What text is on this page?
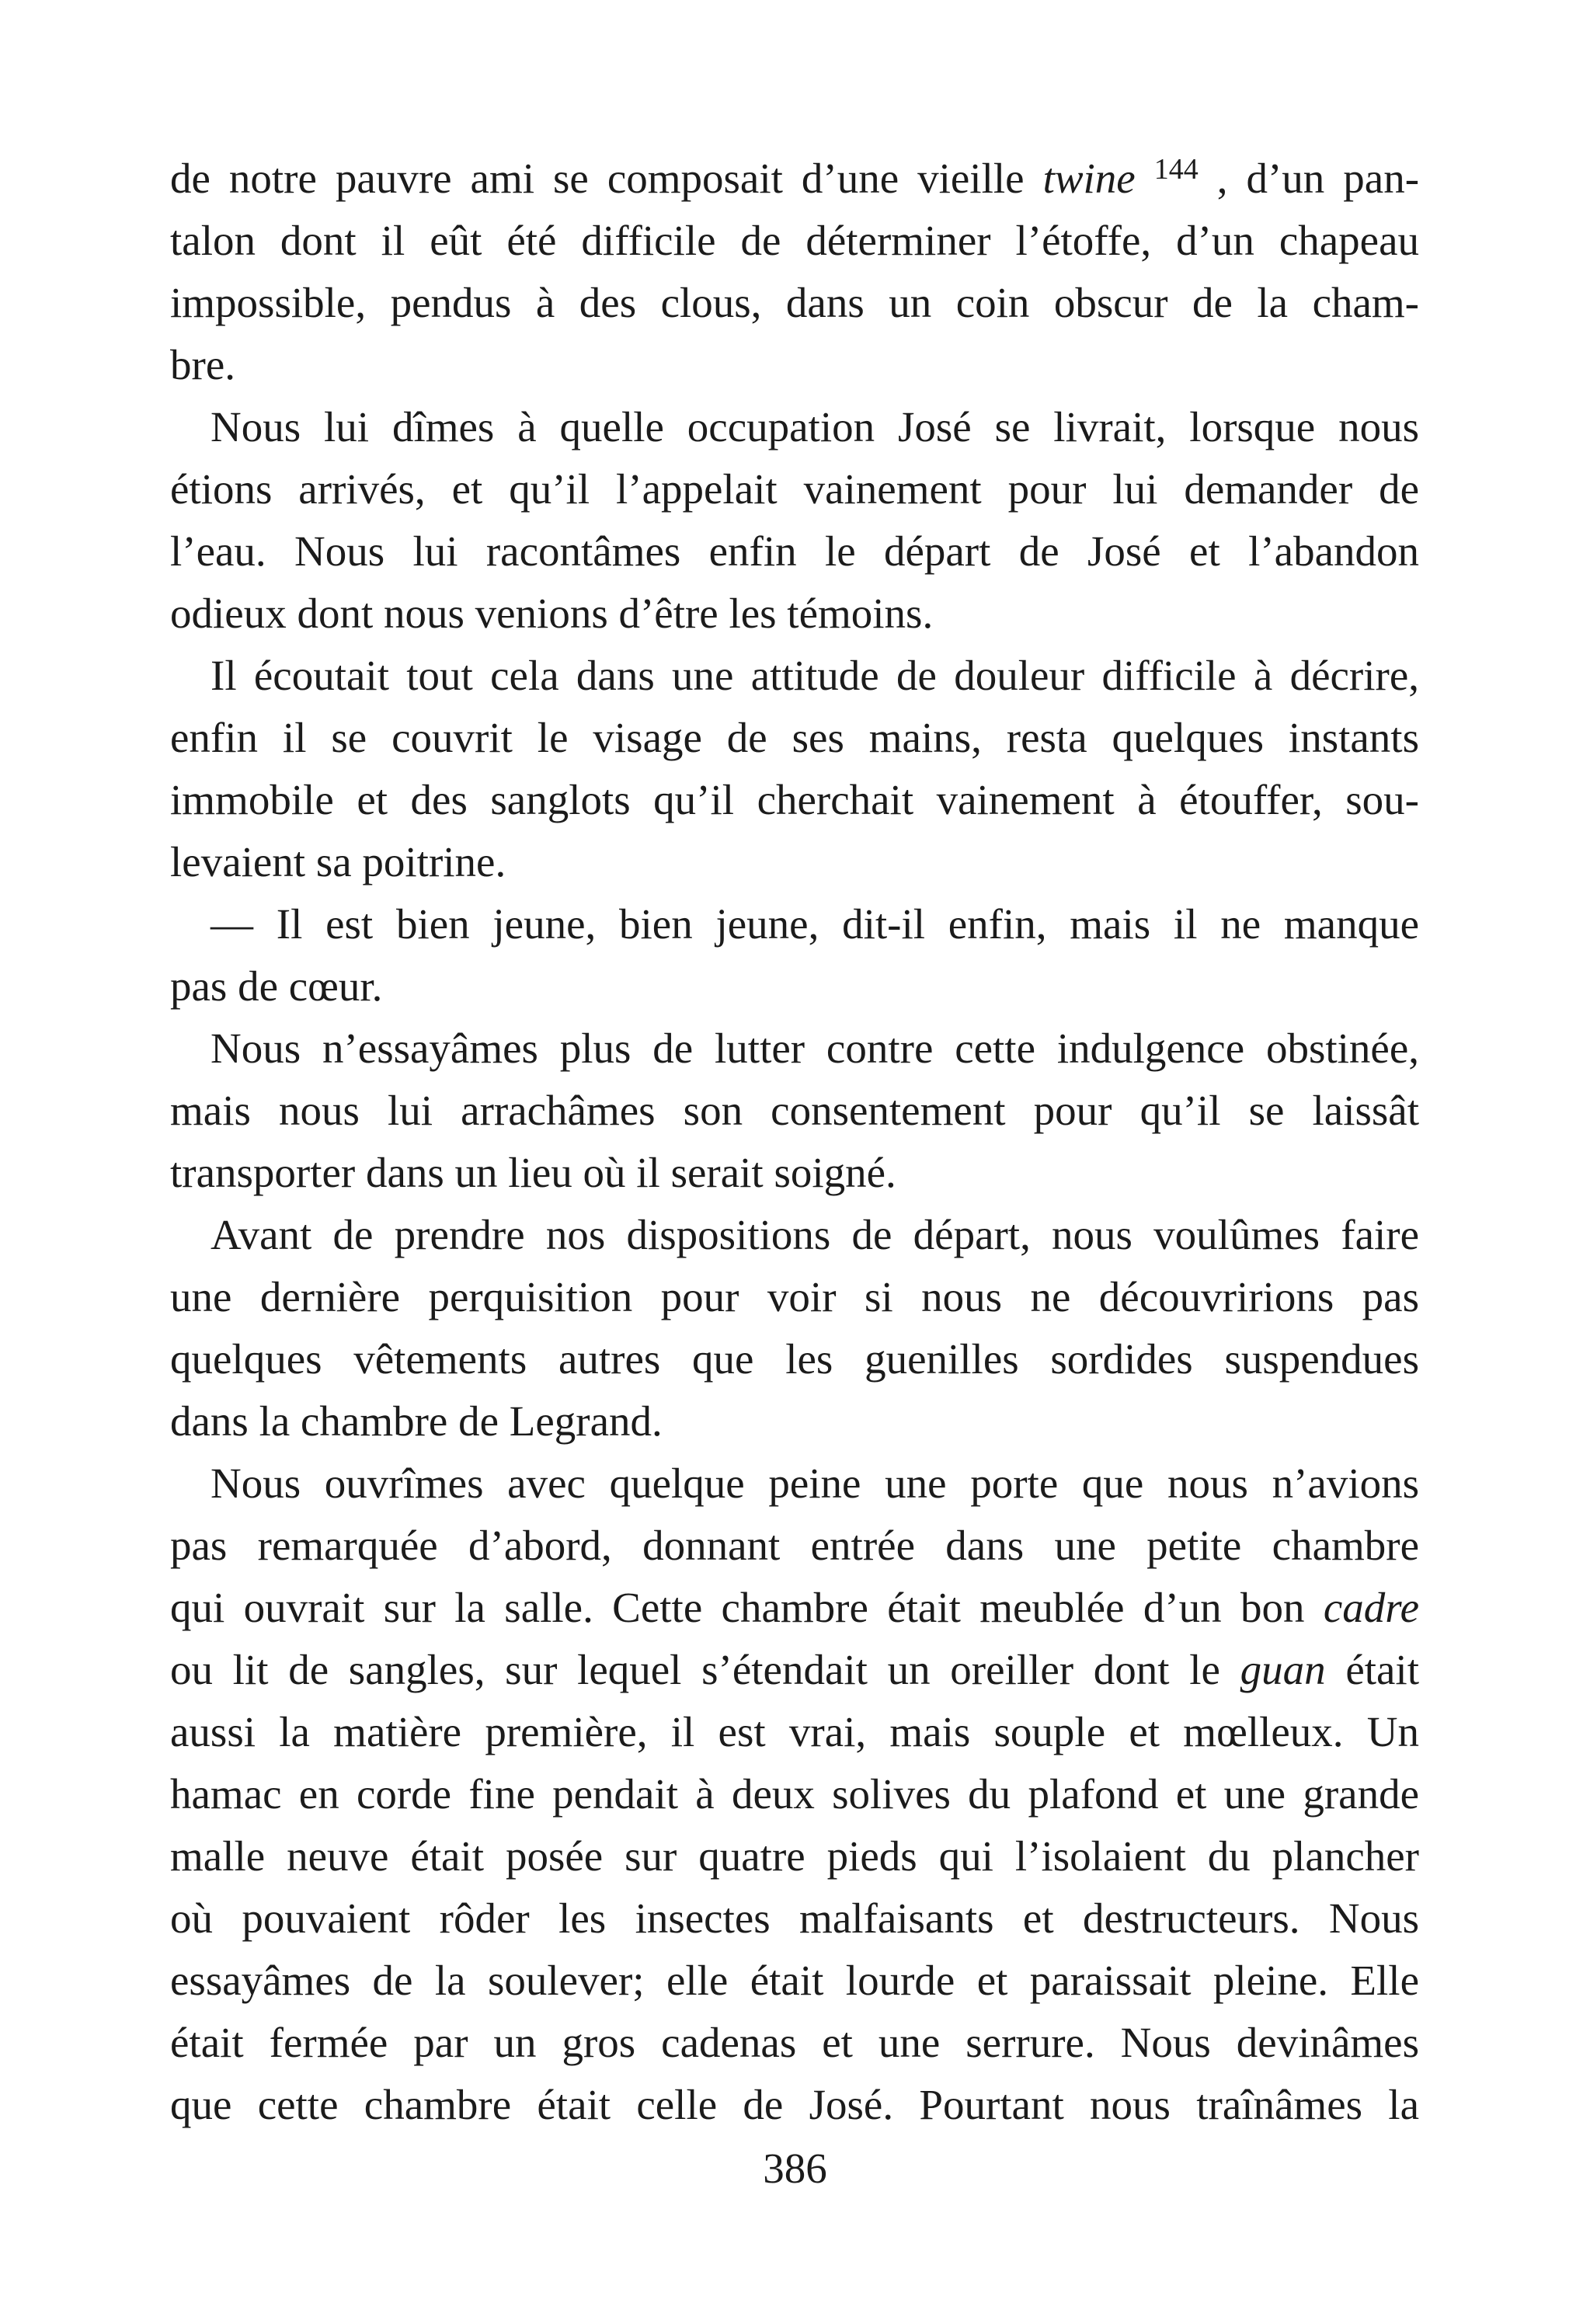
de notre pauvre ami se composait d’une vieille twine $^{144}$ , d’un pan-
talon dont il eût été difficile de déterminer l’étoffe, d’un chapeau
impossible, pendus à des clous, dans un coin obscur de la cham-
bre.
Nous lui dîmes à quelle occupation José se livrait, lorsque nous
étions arrivés, et qu’il l’appelait vainement pour lui demander de
l’eau. Nous lui racontâmes enfin le départ de José et l’abandon
odieux dont nous venions d’être les témoins.
Il écoutait tout cela dans une attitude de douleur difficile à décrire,
enfin il se couvrit le visage de ses mains, resta quelques instants
immobile et des sanglots qu’il cherchait vainement à étouffer, sou-
levaient sa poitrine.
— Il est bien jeune, bien jeune, dit-il enfin, mais il ne manque
pas de cœur.
Nous n’essayâmes plus de lutter contre cette indulgence obstinée,
mais nous lui arrachâmes son consentement pour qu’il se laissât
transporter dans un lieu où il serait soigné.
Avant de prendre nos dispositions de départ, nous voulûmes faire
une dernière perquisition pour voir si nous ne découvririons pas
quelques vêtements autres que les guenilles sordides suspendues
dans la chambre de Legrand.
Nous ouvrîmes avec quelque peine une porte que nous n’avions
pas remarquée d’abord, donnant entrée dans une petite chambre
qui ouvrait sur la salle. Cette chambre était meublée d’un bon cadre
ou lit de sangles, sur lequel s’étendait un oreiller dont le guan était
aussi la matière première, il est vrai, mais souple et mœlleux. Un
hamac en corde fine pendait à deux solives du plafond et une grande
malle neuve était posée sur quatre pieds qui l’isolaient du plancher
où pouvaient rôder les insectes malfaisants et destructeurs. Nous
essayâmes de la soulever; elle était lourde et paraissait pleine. Elle
était fermée par un gros cadenas et une serrure. Nous devinâmes
que cette chambre était celle de José. Pourtant nous traînâmes la
386
